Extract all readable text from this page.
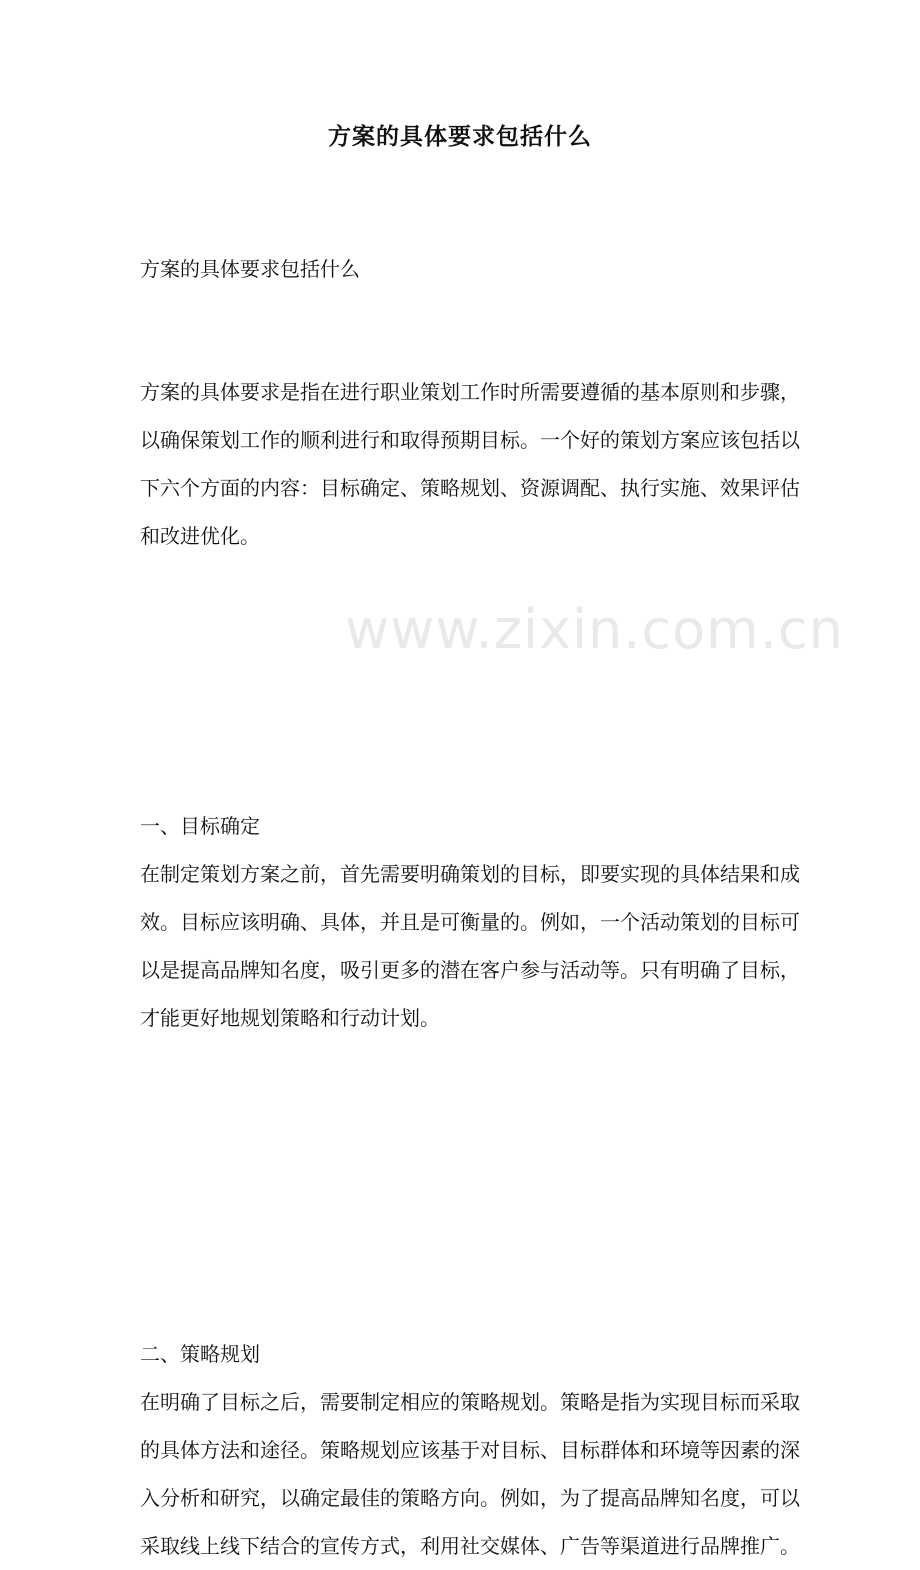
www.zixin.com.cn
方案的具体要求包括什么
方案的具体要求包括什么

方案的具体要求是指在进行职业策划工作时所需要遵循的基本原则和步骤，以确保策划工作的顺利进行和取得预期目标。一个好的策划方案应该包括以下六个方面的内容：目标确定、策略规划、资源调配、执行实施、效果评估和改进优化。

一、目标确定

在制定策划方案之前，首先需要明确策划的目标，即要实现的具体结果和成效。目标应该明确、具体，并且是可衡量的。例如，一个活动策划的目标可以是提高品牌知名度，吸引更多的潜在客户参与活动等。只有明确了目标，才能更好地规划策略和行动计划。

二、策略规划

在明确了目标之后，需要制定相应的策略规划。策略是指为实现目标而采取的具体方法和途径。策略规划应该基于对目标、目标群体和环境等因素的深入分析和研究，以确定最佳的策略方向。例如，为了提高品牌知名度，可以采取线上线下结合的宣传方式，利用社交媒体、广告等渠道进行品牌推广。
